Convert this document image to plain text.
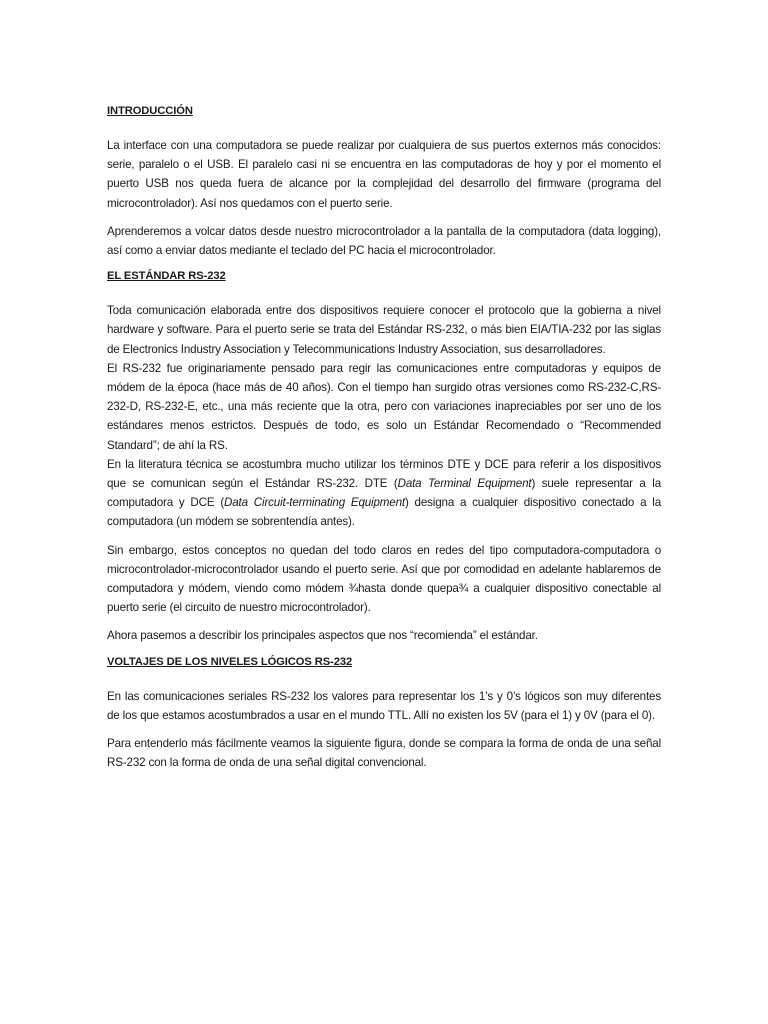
INTRODUCCIÓN

La interface con una computadora se puede realizar por cualquiera de sus puertos externos más conocidos: serie, paralelo o el USB. El paralelo casi ni se encuentra en las computadoras de hoy y por el momento el puerto USB nos queda fuera de alcance por la complejidad del desarrollo del firmware (programa del microcontrolador). Así nos quedamos con el puerto serie.

Aprenderemos a volcar datos desde nuestro microcontrolador a la pantalla de la computadora (data logging), así como a enviar datos mediante el teclado del PC hacia el microcontrolador.

EL ESTÁNDAR RS-232

Toda comunicación elaborada entre dos dispositivos requiere conocer el protocolo que la gobierna a nivel hardware y software. Para el puerto serie se trata del Estándar RS-232, o más bien EIA/TIA-232 por las siglas de Electronics Industry Association y Telecommunications Industry Association, sus desarrolladores.

El RS-232 fue originariamente pensado para regir las comunicaciones entre computadoras y equipos de módem de la época (hace más de 40 años). Con el tiempo han surgido otras versiones como RS-232-C,RS-232-D, RS-232-E, etc., una más reciente que la otra, pero con variaciones inapreciables por ser uno de los estándares menos estrictos. Después de todo, es solo un Estándar Recomendado o “Recommended Standard”; de ahí la RS.

En la literatura técnica se acostumbra mucho utilizar los términos DTE y DCE para referir a los dispositivos que se comunican según el Estándar RS-232. DTE (Data Terminal Equipment) suele representar a la computadora y DCE (Data Circuit-terminating Equipment) designa a cualquier dispositivo conectado a la computadora (un módem se sobrentendía antes).

Sin embargo, estos conceptos no quedan del todo claros en redes del tipo computadora-computadora o microcontrolador-microcontrolador usando el puerto serie. Así que por comodidad en adelante hablaremos de computadora y módem, viendo como módem ¾hasta donde quepa¾ a cualquier dispositivo conectable al puerto serie (el circuito de nuestro microcontrolador).

Ahora pasemos a describir los principales aspectos que nos “recomienda” el estándar.

VOLTAJES DE LOS NIVELES LÓGICOS RS-232

En las comunicaciones seriales RS-232 los valores para representar los 1’s y 0’s lógicos son muy diferentes de los que estamos acostumbrados a usar en el mundo TTL. Allí no existen los 5V (para el 1) y 0V (para el 0).

Para entenderlo más fácilmente veamos la siguiente figura, donde se compara la forma de onda de una señal RS-232 con la forma de onda de una señal digital convencional.
